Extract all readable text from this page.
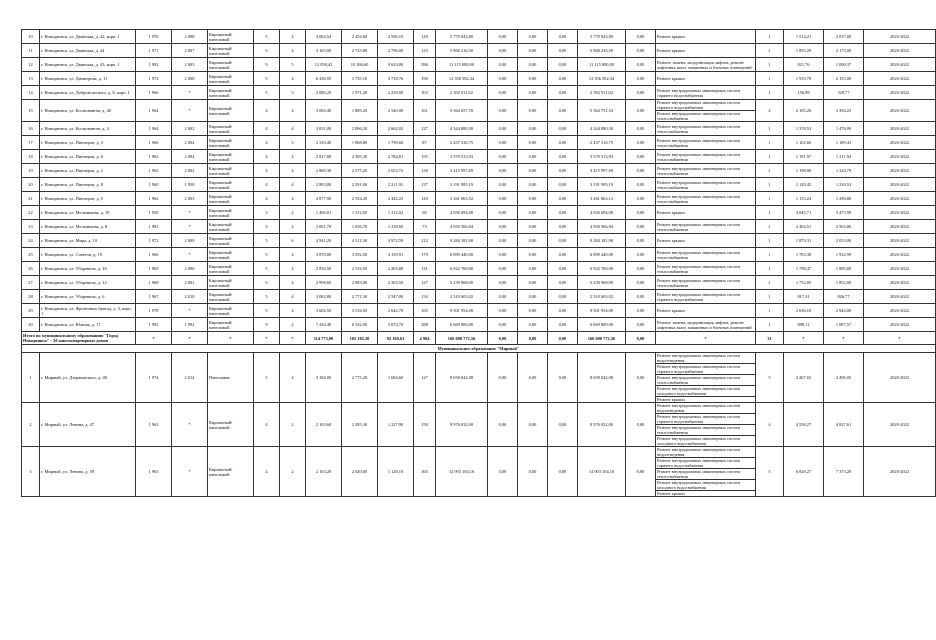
10	г. Новодвинск, ул. Двинская, д. 42, корп. 1	1 970	2 008	Кирпичный/панельный	5	4	3 004,54	2 454,60	2 596,10	129	5 779 843,80	0,00	0,00	0,00	5 779 843,80	0,00	Ремонт крыши	1	1 514,21	2 037,00	2020-2022
11	г. Новодвинск, ул. Двинская, д. 44	1 971	2 007	Кирпичный/панельный	5	4	3 163,90	2 725,80	2 796,00	133	5 868 216,50	0,00	0,00	0,00	5 868 216,50	0,00	Ремонт крыши	1	1 855,29	2 175,00	2020-2022
12	г. Новодвинск, ул. Двинская, д. 43, корп. 1	1 992	2 003	Кирпичный/панельный	9	5	12 058,43	10 186,60	9 633,00	586	11 115 000,00	0,00	0,00	0,00	11 115 000,00	0,00	Ремонт, замена, модернизация лифтов, ремонт лифтовых шахт, машинных и блочных помещений	1	921,76	1 090,37	2020-2022
13	г. Новодвинск, ул. Димитрова, д. 11	1 972	2 008	Кирпичный/панельный	5	4	6 436,95	3 735,10	3 718,76	196	12 356 582,34	0,00	0,00	0,00	12 356 582,34	0,00	Ремонт крыши	1	1 919,78	2 155,00	2020-2022
14	г. Новодвинск, ул. Добровольского, д. 8, корп. 1	1 966	*	Кирпичный/панельный	5	3	2 080,20	1 971,20	2 239,00	103	2 392 911,02	0,00	0,00	0,00	2 392 911,02	0,00	Ремонт внутридомовых инженерных систем горячего водоснабжения	1	156,98	328,77	2020-2022
15	г. Новодвинск, ул. Космонавтов, д. 40	1 964	*	Кирпичный/панельный	4	4	3 065,40	1 885,20	2 540,00	161	5 364 657,59	0,00	0,00	0,00	5 364 751,54	0,00	Ремонт внутридомовых инженерных систем горячего водоснабжения
Ремонт внутридомовых инженерных систем теплоснабжения	2	2 165,26	3 394,22	2020-2022
16	г. Новодвинск, ул. Космонавтов, д. 4	1 964	2 002	Кирпичный/панельный	4	4	3 051,08	2 806,20	2 662,02	127	4 344 880,30	0,00	0,00	0,00	4 344 880,30	0,00	Ремонт внутридомовых инженерных систем теплоснабжения	1	1 378,53	1 476,99	2020-2022
17	г. Новодвинск, ул. Пионеров, д. 3	1 966	2 004	Кирпичный/панельный	4	3	2 310,40	1 868,80	1 799,60	87	2 437 316,75	0,00	0,00	0,00	2 437 316,75	0,00	Ремонт внутридомовых инженерных систем теплоснабжения	1	1 102,66	1 189,43	2020-2022
18	г. Новодвинск, ул. Пионеров, д. 6	1 962	2 004	Кирпичный/панельный	4	4	2 827,80	2 505,30	2 784,81	195	3 570 513,93	0,00	0,00	0,00	3 570 513,93	0,00	Ремонт внутридомовых инженерных систем теплоснабжения	1	1 191,97	1 311,94	2020-2022
19	г. Новодвинск, ул. Пионеров, д. 2	1 962	2 002	Кирпичный/панельный	4	4	2 869,30	2 575,20	2 652,72	138	3 415 997,69	0,00	0,00	0,00	3 415 997,69	0,00	Ремонт внутридомовых инженерных систем теплоснабжения	1	1 198,96	1 324,79	2020-2022
20	г. Новодвинск, ул. Пионеров, д. 8	1 960	1 958	Кирпичный/панельный	4	4	2 883,80	2 591,00	2 211,91	137	3 191 995,19	0,00	0,00	0,00	3 191 995,19	0,00	Ремонт внутридомовых инженерных систем теплоснабжения	1	1 128,45	1 230,53	2020-2022
21	г. Новодвинск, ул. Пионеров, д. 5	1 962	2 003	Кирпичный/панельный	4	4	2 877,90	2 554,20	2 442,22	120	3 261 063,52	0,00	0,00	0,00	3 261 063,12	0,00	Ремонт внутридомовых инженерных систем теплоснабжения	1	1 153,24	1 296,86	2020-2022
22	г. Новодвинск, ул. Мельникова, д. 10	1 959	*	Кирпичный/панельный	3	2	1 496,81	1 312,50	1 312,02	60	4 056 694,08	0,00	0,00	0,00	4 056 694,08	0,00	Ремонт крыши	1	3 045,71	3 473,99	2020-2022
23	г. Новодвинск, ул. Мельникова, д. 8	1 983	*	Кирпичный/панельный	3	2	2 061,70	1 656,70	1 238,60	73	4 950 566,84	0,00	0,00	0,00	4 950 566,84	0,00	Ремонт внутридомовых инженерных систем теплоснабжения	1	2 404,51	2 563,86	2020-2022
24	г. Новодвинск, ул. Мира, д. 10	1 972	2 009	Кирпичный/панельный	5	6	4 941,20	4 311,30	3 972,59	212	9 284 181,90	0,00	0,00	0,00	9 284 181,90	0,00	Ремонт крыши	1	1 879,31	2 053,00	2020-2022
25	г. Новодвинск, ул. Советов, д. 19	1 966	*	Кирпичный/панельный	5	4	3 870,00	3 592,50	3 150,91	179	6 899 440,00	0,00	0,00	0,00	6 899 440,00	0,00	Ремонт внутридомовых инженерных систем теплоснабжения	1	1 783,38	1 932,99	2020-2022
26	г. Новодвинск, ул. Уборевича, д. 16	1 965	2 006	Кирпичный/панельный	5	4	2 834,50	2 516,50	2 203,80	131	6 922 760,00	0,00	0,00	0,00	6 922 760,00	0,00	Ремонт внутридомовых инженерных систем теплоснабжения	1	1 798,47	1 885,00	2020-2022
27	г. Новодвинск, ул. Уборевича, д. 12	1 968	2 001	Кирпичный/панельный	5	4	2 998,60	2 883,00	2 363,50	127	5 239 968,00	0,00	0,00	0,00	5 239 968,00	0,00	Ремонт внутридомовых инженерных систем теплоснабжения	1	1 752,85	1 852,00	2020-2022
28	г. Новодвинск, ул. Уборевича, д. 6	1 967	2 010	Кирпичный/панельный	5	4	3 082,80	2 771,30	2 547,00	134	2 510 603,02	0,00	0,00	0,00	2 510 603,02	0,00	Ремонт внутридомовых инженерных систем горячего водоснабжения	1	817,31	826,77	2020-2022
29	г. Новодвинск, ул. Фронтовых бригад, д. 3, корп. 1	1 978	*	Кирпичный/панельный	5	4	3 602,50	3 516,50	2 642,70	165	9 501 954,00	0,00	0,00	0,00	9 501 954,00	0,00	Ремонт крыши	1	2 636,10	2 944,00	2020-2022
30	г. Новодвинск, ул. Южная, д. 17	1 992	1 992	Кирпичный/панельный	9	2	7 420,40	6 332,00	5 074,70	288	6 669 800,00	0,00	0,00	0,00	6 669 800,00	0,00	Ремонт, замена, модернизация лифтов, ремонт лифтовых шахт, машинных и блочных помещений	1	898,11	1 087,57	2020-2022
Итого по муниципальному образованию "Город Новодвинск" - 30 многоквартирных домов		*	*	*	*	*	114 773,00	102 182,20	92 160,63	4 904	166 690 772,56	0,00	0,00	0,00	166 690 772,56	0,00	*	31	*	*	*
Муниципальное образование "Мирный"																					
1	г. Мирный, ул. Дзержинского, д. 48	1 974	2 014	Панельные	5	4	3 184,00	2 775,20	1 684,60	127	8 658 042,08	0,00	0,00	0,00	8 658 042,08	0,00	Ремонт внутридомовых инженерных систем водоотведения
Ремонт внутридомовых инженерных систем горячего водоснабжения
Ремонт внутридомовых инженерных систем теплоснабжения
Ремонт внутридомовых инженерных систем холодного водоснабжения
Ремонт крыши	5	2 267,65	2 496,05	2020-2022
2	г. Мирный, ул. Ленина, д. 47	1 963	*	Кирпичный/панельный	4	2	2 103,60	2 285,30	1 227,90	150	9 976 032,00	0,00	0,00	0,00	9 976 032,00	0,00	Ремонт внутридомовых инженерных систем водоотведения
Ремонт внутридомовых инженерных систем горячего водоснабжения
Ремонт внутридомовых инженерных систем теплоснабжения
Ремонт внутридомовых инженерных систем холодного водоснабжения	4	4 558,27	4 827,61	2020-2022
3	г. Мирный, ул. Ленина, д. 59	1 963	*	Кирпичный/панельный	4	2	2 163,20	2 020,00	1 128,10	165	14 903 104,16	0,00	0,00	0,00	14 903 104,16	0,00	Ремонт внутридомовых инженерных систем водоотведения
Ремонт внутридомовых инженерных систем горячего водоснабжения
Ремонт внутридомовых инженерных систем теплоснабжения
Ремонт внутридомовых инженерных систем холодного водоснабжения
Ремонт крыши	5	6 828,27	7 373,20	2020-2022
